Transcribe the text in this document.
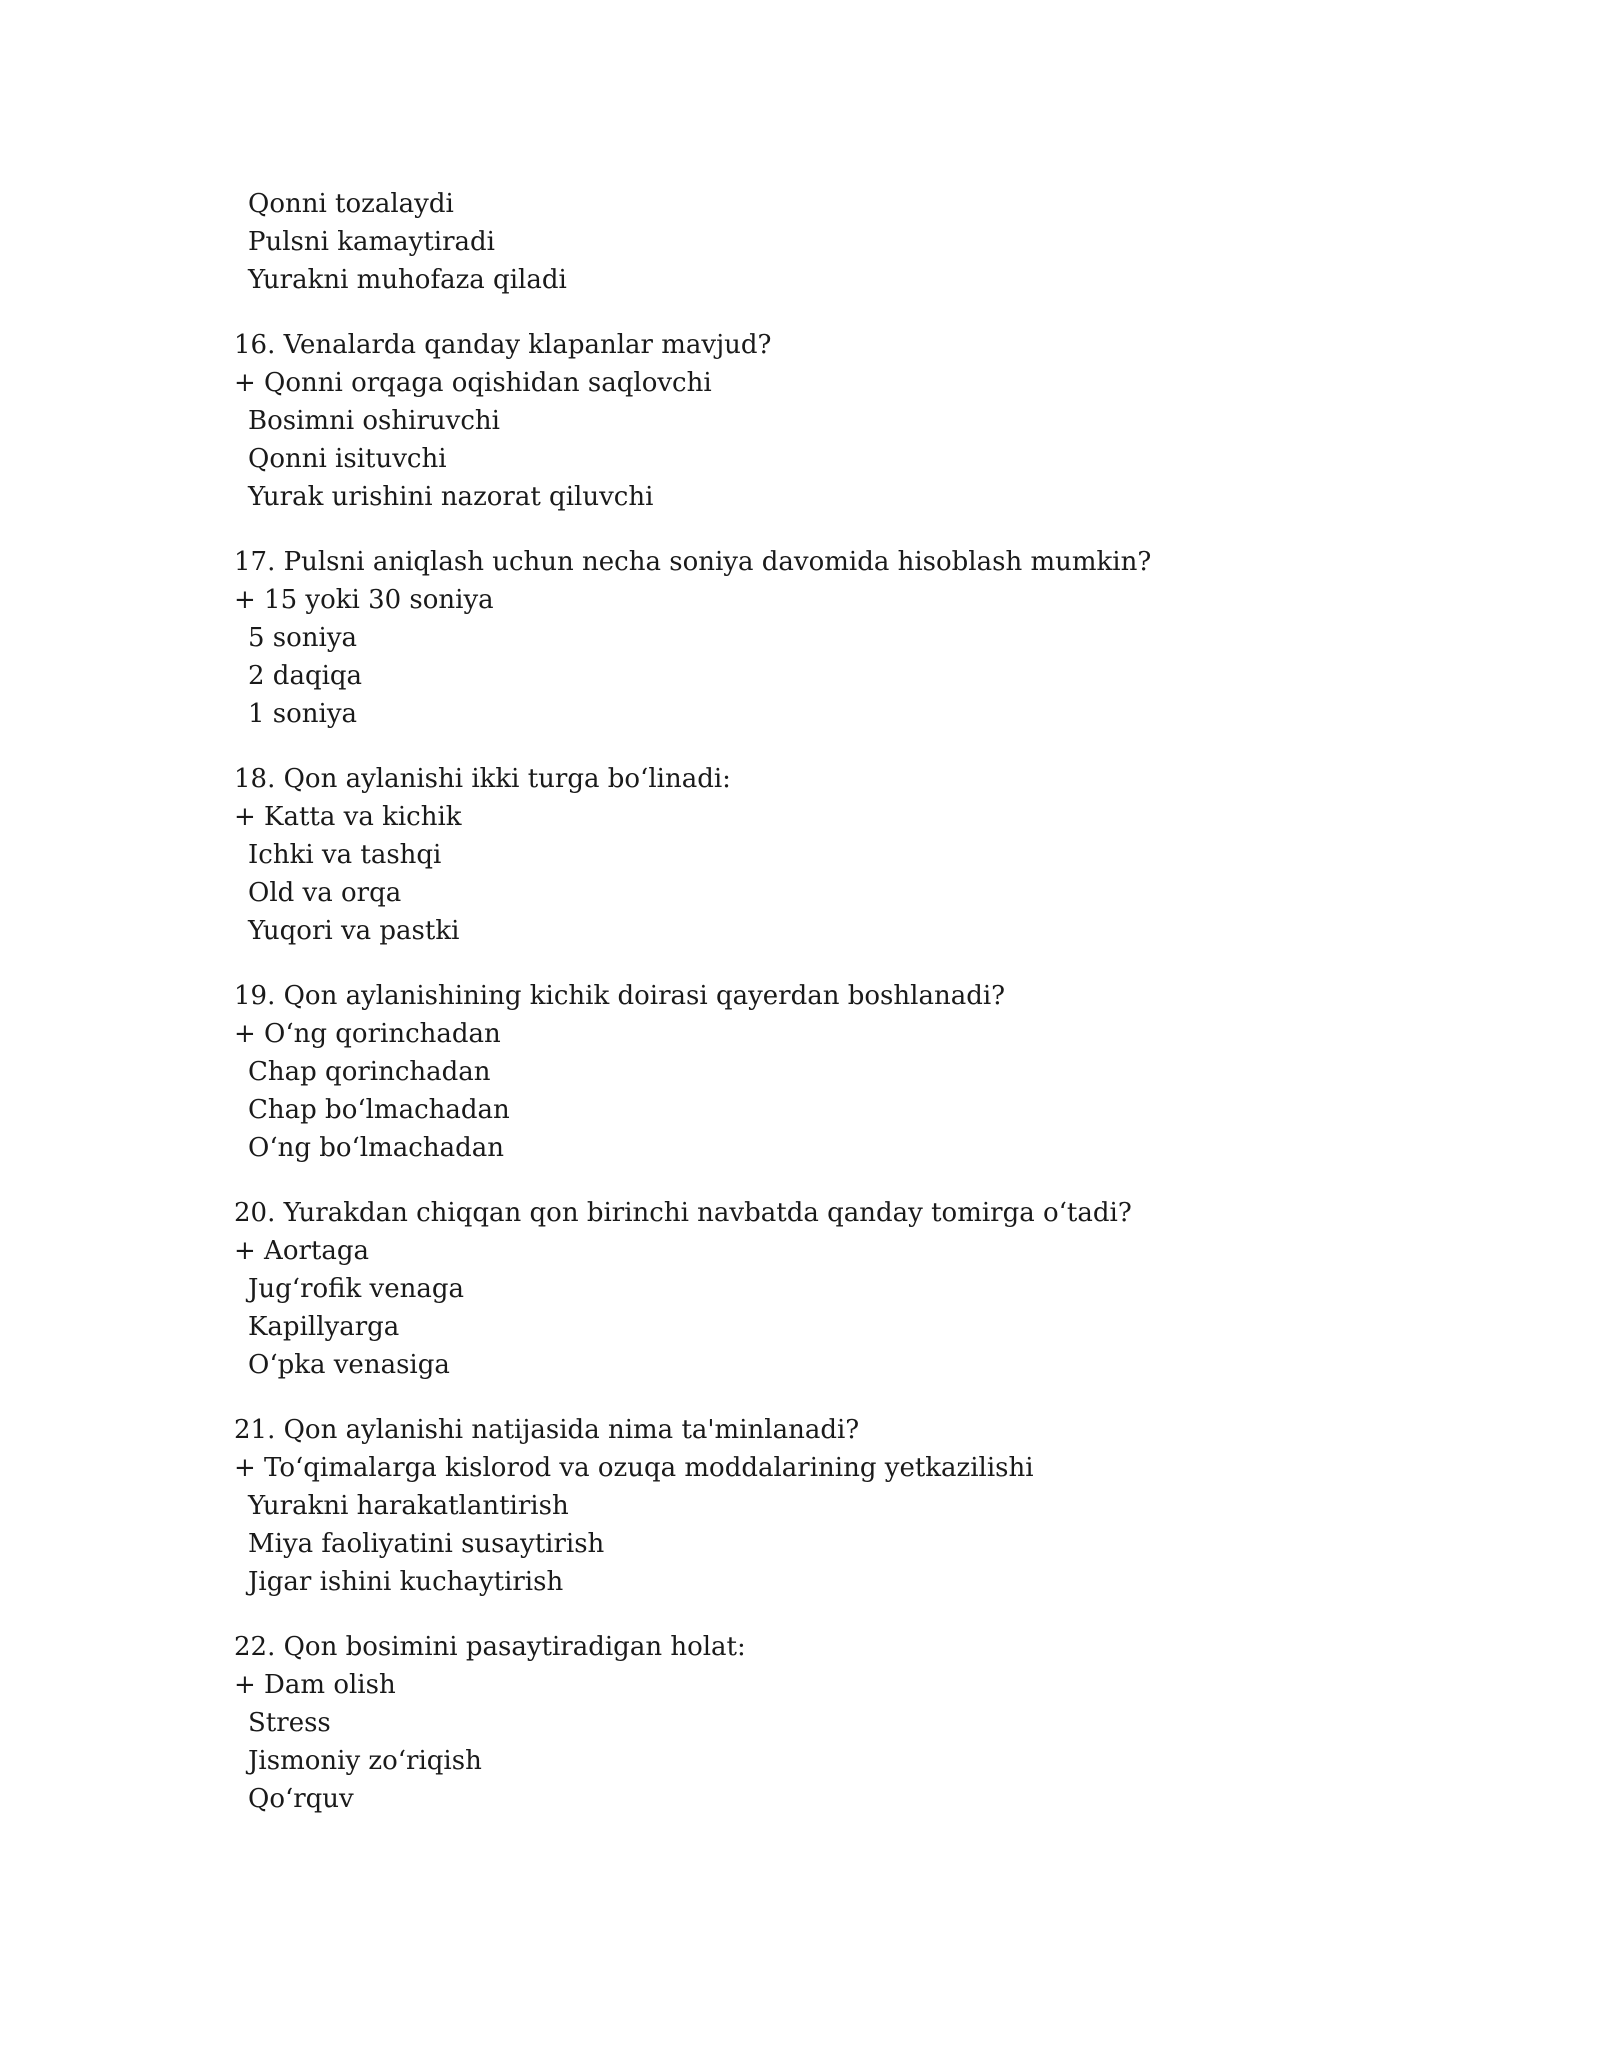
Qonni tozalaydi
Pulsni kamaytiradi
Yurakni muhofaza qiladi
16. Venalarda qanday klapanlar mavjud?
+ Qonni orqaga oqishidan saqlovchi
Bosimni oshiruvchi
Qonni isituvchi
Yurak urishini nazorat qiluvchi
17. Pulsni aniqlash uchun necha soniya davomida hisoblash mumkin?
+ 15 yoki 30 soniya
5 soniya
2 daqiqa
1 soniya
18. Qon aylanishi ikki turga bo‘linadi:
+ Katta va kichik
Ichki va tashqi
Old va orqa
Yuqori va pastki
19. Qon aylanishining kichik doirasi qayerdan boshlanadi?
+ O‘ng qorinchadan
Chap qorinchadan
Chap bo‘lmachadan
O‘ng bo‘lmachadan
20. Yurakdan chiqqan qon birinchi navbatda qanday tomirga o‘tadi?
+ Aortaga
Jug‘rofik venaga
Kapillyarga
O‘pka venasiga
21. Qon aylanishi natijasida nima ta'minlanadi?
+ To‘qimalarga kislorod va ozuqa moddalarining yetkazilishi
Yurakni harakatlantirish
Miya faoliyatini susaytirish
Jigar ishini kuchaytirish
22. Qon bosimini pasaytiradigan holat:
+ Dam olish
Stress
Jismoniy zo‘riqish
Qo‘rquv
